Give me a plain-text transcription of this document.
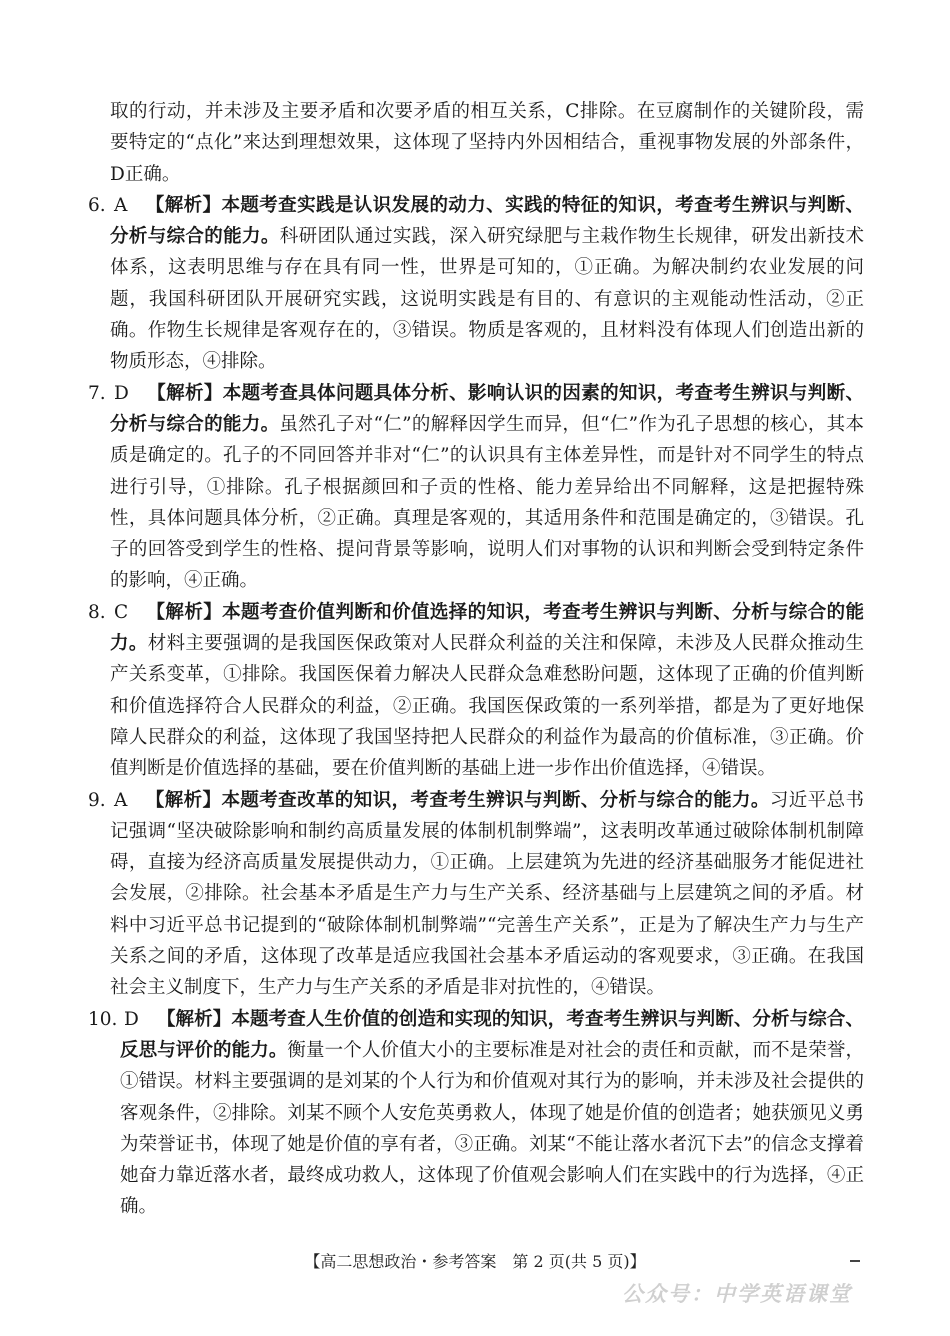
取的行动，并未涉及主要矛盾和次要矛盾的相互关系，C排除。在豆腐制作的关键阶段，需要特定的“点化”来达到理想效果，这体现了坚持内外因相结合，重视事物发展的外部条件，D正确。

6. A 【解析】本题考查实践是认识发展的动力、实践的特征的知识，考查考生辨识与判断、分析与综合的能力。科研团队通过实践，深入研究绿肥与主栽作物生长规律，研发出新技术体系，这表明思维与存在具有同一性，世界是可知的，①正确。为解决制约农业发展的问题，我国科研团队开展研究实践，这说明实践是有目的、有意识的主观能动性活动，②正确。作物生长规律是客观存在的，③错误。物质是客观的，且材料没有体现人们创造出新的物质形态，④排除。
7. D 【解析】本题考查具体问题具体分析、影响认识的因素的知识，考查考生辨识与判断、分析与综合的能力。虽然孔子对“仁”的解释因学生而异，但“仁”作为孔子思想的核心，其本质是确定的。孔子的不同回答并非对“仁”的认识具有主体差异性，而是针对不同学生的特点进行引导，①排除。孔子根据颜回和子贡的性格、能力差异给出不同解释，这是把握特殊性，具体问题具体分析，②正确。真理是客观的，其适用条件和范围是确定的，③错误。孔子的回答受到学生的性格、提问背景等影响，说明人们对事物的认识和判断会受到特定条件的影响，④正确。
8. C 【解析】本题考查价值判断和价值选择的知识，考查考生辨识与判断、分析与综合的能力。材料主要强调的是我国医保政策对人民群众利益的关注和保障，未涉及人民群众推动生产关系变革，①排除。我国医保着力解决人民群众急难愁盼问题，这体现了正确的价值判断和价值选择符合人民群众的利益，②正确。我国医保政策的一系列举措，都是为了更好地保障人民群众的利益，这体现了我国坚持把人民群众的利益作为最高的价值标准，③正确。价值判断是价值选择的基础，要在价值判断的基础上进一步作出价值选择，④错误。
9. A 【解析】本题考查改革的知识，考查考生辨识与判断、分析与综合的能力。习近平总书记强调“坚决破除影响和制约高质量发展的体制机制弊端”，这表明改革通过破除体制机制障碍，直接为经济高质量发展提供动力，①正确。上层建筑为先进的经济基础服务才能促进社会发展，②排除。社会基本矛盾是生产力与生产关系、经济基础与上层建筑之间的矛盾。材料中习近平总书记提到的“破除体制机制弊端”“完善生产关系”，正是为了解决生产力与生产关系之间的矛盾，这体现了改革是适应我国社会基本矛盾运动的客观要求，③正确。在我国社会主义制度下，生产力与生产关系的矛盾是非对抗性的，④错误。
10. D 【解析】本题考查人生价值的创造和实现的知识，考查考生辨识与判断、分析与综合、反思与评价的能力。衡量一个人价值大小的主要标准是对社会的责任和贡献，而不是荣誉，①错误。材料主要强调的是刘某的个人行为和价值观对其行为的影响，并未涉及社会提供的客观条件，②排除。刘某不顾个人安危英勇救人，体现了她是价值的创造者；她获颁见义勇为荣誉证书，体现了她是价值的享有者，③正确。刘某“不能让落水者沉下去”的信念支撑着她奋力靠近落水者，最终成功救人，这体现了价值观会影响人们在实践中的行为选择，④正确。
【高二思想政治・参考答案　第 2 页(共 5 页)】
公众号：中学英语课堂
